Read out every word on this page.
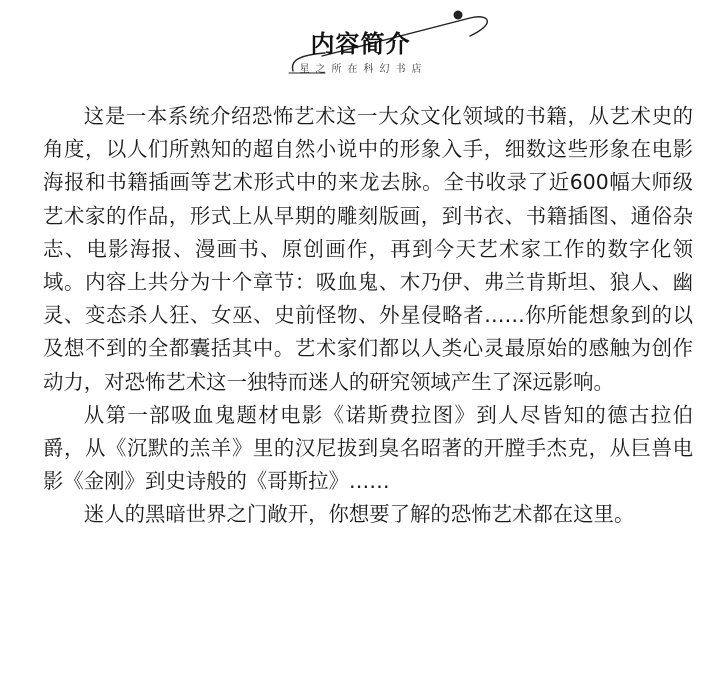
内容简介
星之所在科幻书店

这是一本系统介绍恐怖艺术这一大众文化领域的书籍，从艺术史的角度，以人们所熟知的超自然小说中的形象入手，细数这些形象在电影海报和书籍插画等艺术形式中的来龙去脉。全书收录了近600幅大师级艺术家的作品，形式上从早期的雕刻版画，到书衣、书籍插图、通俗杂志、电影海报、漫画书、原创画作，再到今天艺术家工作的数字化领域。内容上共分为十个章节：吸血鬼、木乃伊、弗兰肯斯坦、狼人、幽灵、变态杀人狂、女巫、史前怪物、外星侵略者……你所能想象到的以及想不到的全都囊括其中。艺术家们都以人类心灵最原始的感触为创作动力，对恐怖艺术这一独特而迷人的研究领域产生了深远影响。

从第一部吸血鬼题材电影《诺斯费拉图》到人尽皆知的德古拉伯爵，从《沉默的羔羊》里的汉尼拔到臭名昭著的开膛手杰克，从巨兽电影《金刚》到史诗般的《哥斯拉》……

迷人的黑暗世界之门敞开，你想要了解的恐怖艺术都在这里。
